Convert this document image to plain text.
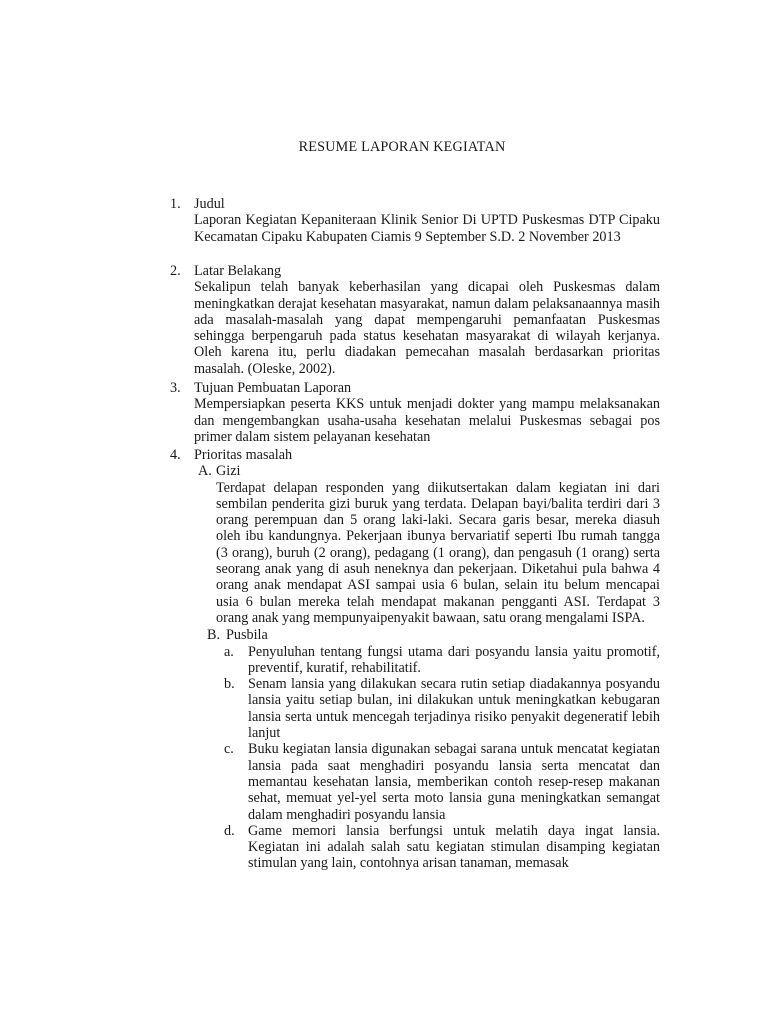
RESUME LAPORAN KEGIATAN
1. Judul
Laporan Kegiatan Kepaniteraan Klinik Senior Di UPTD Puskesmas DTP Cipaku Kecamatan Cipaku Kabupaten Ciamis 9 September S.D. 2 November 2013
2. Latar Belakang
Sekalipun telah banyak keberhasilan yang dicapai oleh Puskesmas dalam meningkatkan derajat kesehatan masyarakat, namun dalam pelaksanaannya masih ada masalah-masalah yang dapat mempengaruhi pemanfaatan Puskesmas sehingga berpengaruh pada status kesehatan masyarakat di wilayah kerjanya. Oleh karena itu, perlu diadakan pemecahan masalah berdasarkan prioritas masalah. (Oleske, 2002).
3. Tujuan Pembuatan Laporan
Mempersiapkan peserta KKS untuk menjadi dokter yang mampu melaksanakan dan mengembangkan usaha-usaha kesehatan melalui Puskesmas sebagai pos primer dalam sistem pelayanan kesehatan
4. Prioritas masalah
A. Gizi
Terdapat delapan responden yang diikutsertakan dalam kegiatan ini dari sembilan penderita gizi buruk yang terdata. Delapan bayi/balita terdiri dari 3 orang perempuan dan 5 orang laki-laki. Secara garis besar, mereka diasuh oleh ibu kandungnya. Pekerjaan ibunya bervariatif seperti Ibu rumah tangga (3 orang), buruh (2 orang), pedagang (1 orang), dan pengasuh (1 orang) serta seorang anak yang di asuh neneknya dan pekerjaan. Diketahui pula bahwa 4 orang anak mendapat ASI sampai usia 6 bulan, selain itu belum mencapai usia 6 bulan mereka telah mendapat makanan pengganti ASI. Terdapat 3 orang anak yang mempunyaipenyakit bawaan, satu orang mengalami ISPA.
B. Pusbila
a. Penyuluhan tentang fungsi utama dari posyandu lansia yaitu promotif, preventif, kuratif, rehabilitatif.
b. Senam lansia yang dilakukan secara rutin setiap diadakannya posyandu lansia yaitu setiap bulan, ini dilakukan untuk meningkatkan kebugaran lansia serta untuk mencegah terjadinya risiko penyakit degeneratif lebih lanjut
c. Buku kegiatan lansia digunakan sebagai sarana untuk mencatat kegiatan lansia pada saat menghadiri posyandu lansia serta mencatat dan memantau kesehatan lansia, memberikan contoh resep-resep makanan sehat, memuat yel-yel serta moto lansia guna meningkatkan semangat dalam menghadiri posyandu lansia
d. Game memori lansia berfungsi untuk melatih daya ingat lansia. Kegiatan ini adalah salah satu kegiatan stimulan disamping kegiatan stimulan yang lain, contohnya arisan tanaman, memasak
